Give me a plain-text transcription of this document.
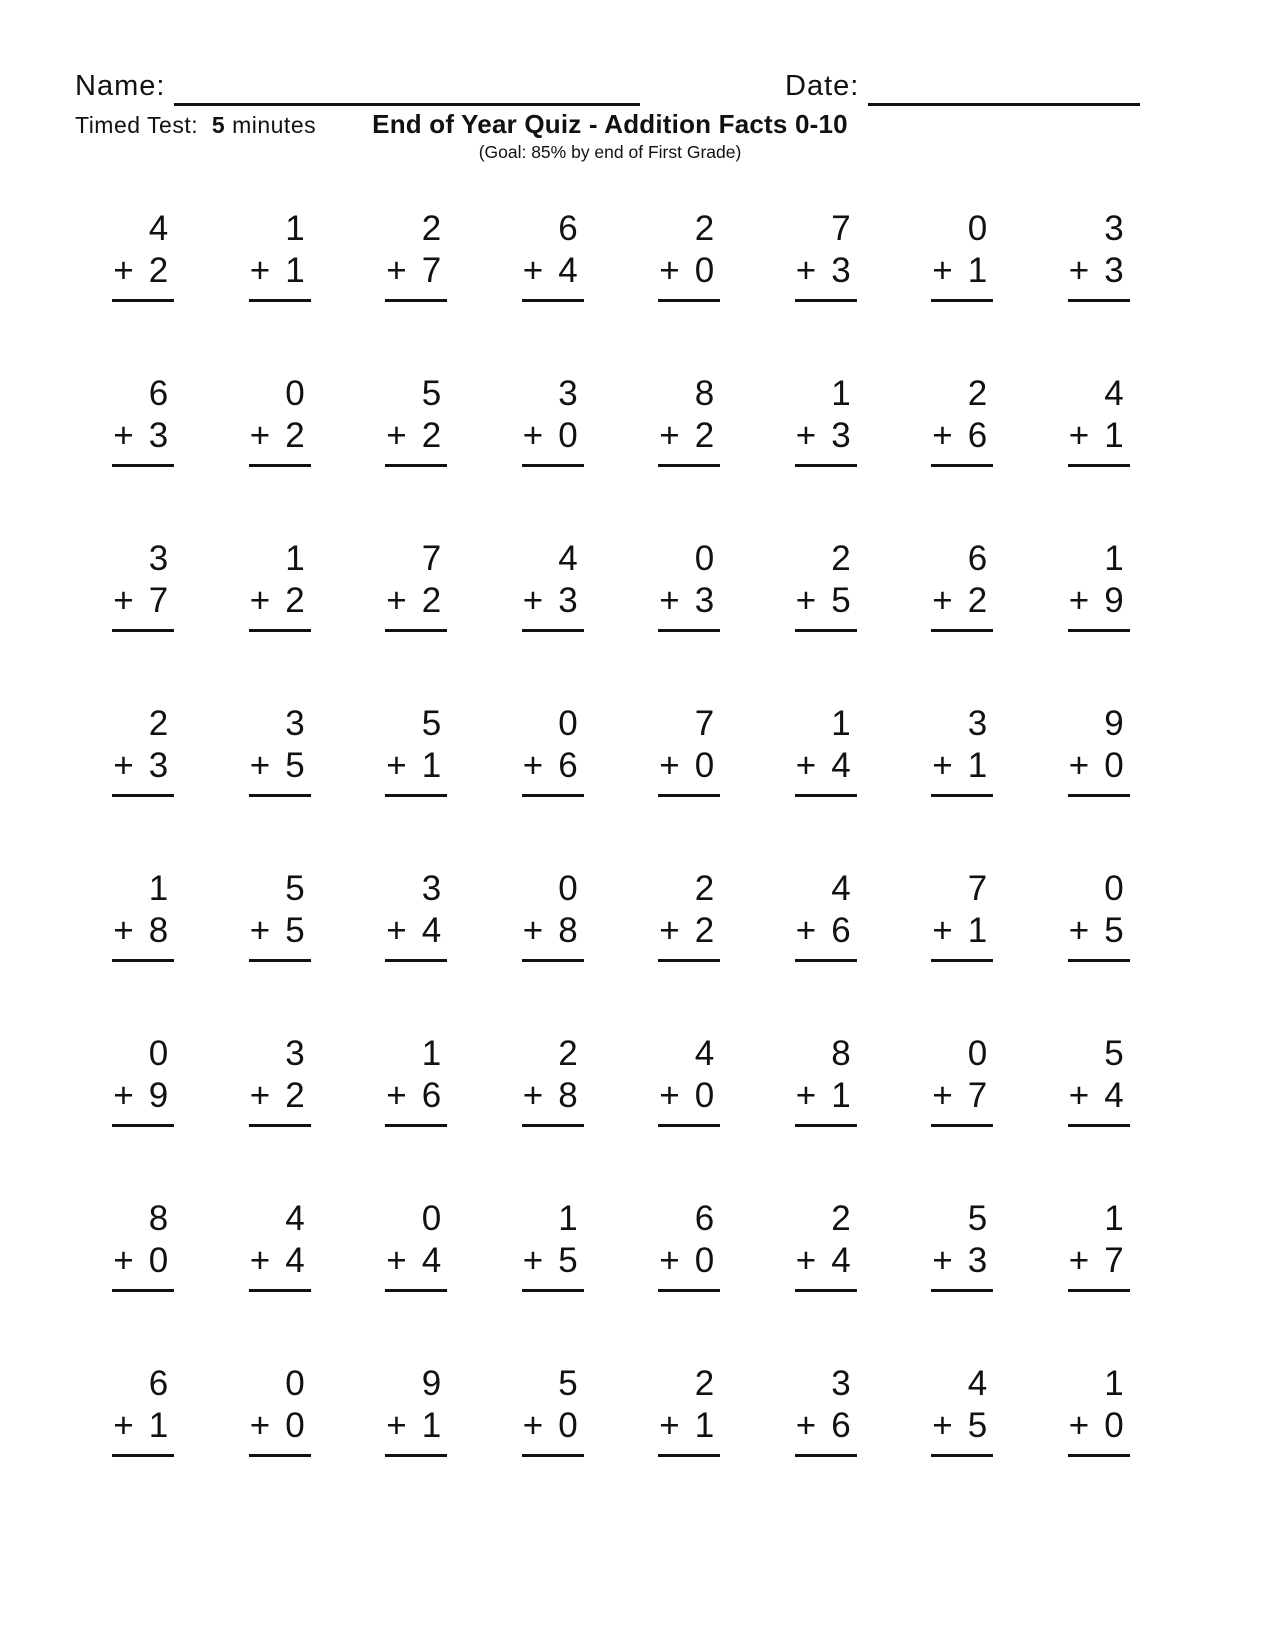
Name:	Date:
Timed Test: 5 minutes	End of Year Quiz - Addition Facts 0-10
(Goal: 85% by end of First Grade)
4
+ 2
1
+ 1
2
+ 7
6
+ 4
2
+ 0
7
+ 3
0
+ 1
3
+ 3
6
+ 3
0
+ 2
5
+ 2
3
+ 0
8
+ 2
1
+ 3
2
+ 6
4
+ 1
3
+ 7
1
+ 2
7
+ 2
4
+ 3
0
+ 3
2
+ 5
6
+ 2
1
+ 9
2
+ 3
3
+ 5
5
+ 1
0
+ 6
7
+ 0
1
+ 4
3
+ 1
9
+ 0
1
+ 8
5
+ 5
3
+ 4
0
+ 8
2
+ 2
4
+ 6
7
+ 1
0
+ 5
0
+ 9
3
+ 2
1
+ 6
2
+ 8
4
+ 0
8
+ 1
0
+ 7
5
+ 4
8
+ 0
4
+ 4
0
+ 4
1
+ 5
6
+ 0
2
+ 4
5
+ 3
1
+ 7
6
+ 1
0
+ 0
9
+ 1
5
+ 0
2
+ 1
3
+ 6
4
+ 5
1
+ 0
